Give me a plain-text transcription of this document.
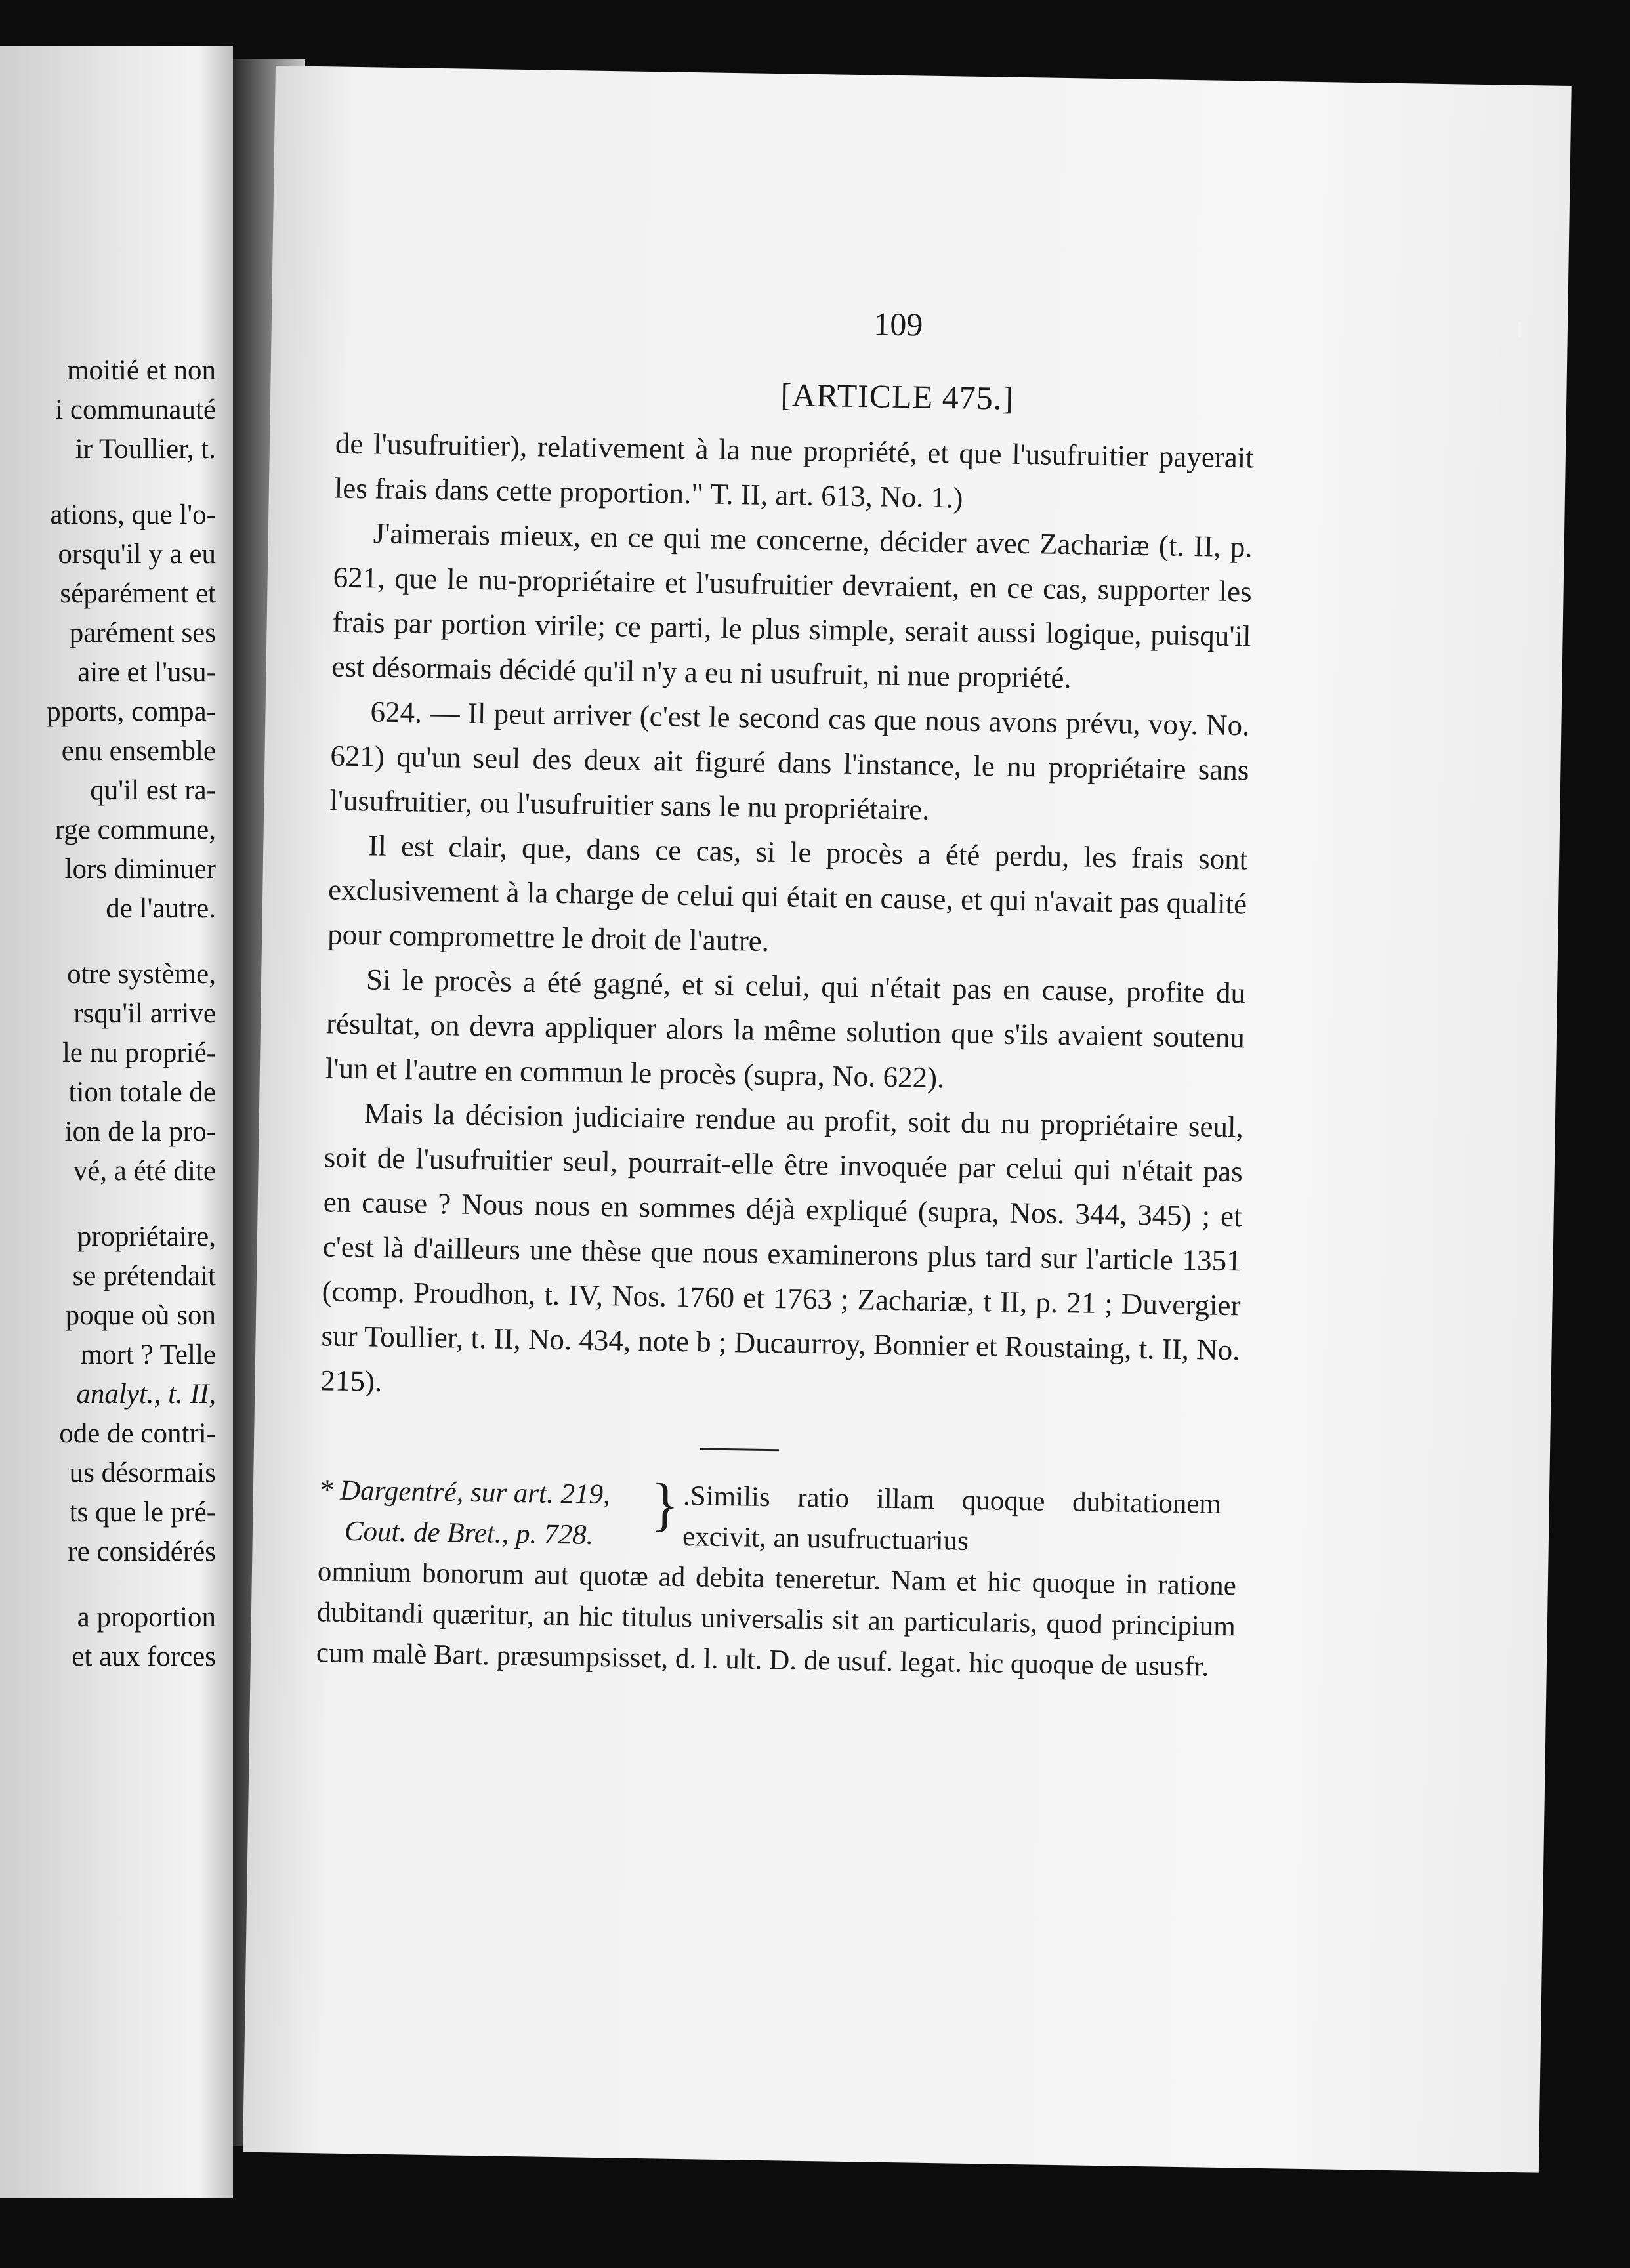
moitié et non
i communauté
ir Toullier, t.
ations, que l'o-
orsqu'il y a eu
séparément et
parément ses
aire et l'usu-
pports, compa-
enu ensemble
qu'il est ra-
rge commune,
lors diminuer
de l'autre.
otre système,
rsqu'il arrive
le nu proprié-
tion totale de
ion de la pro-
vé, a été dite
propriétaire,
se prétendait
poque où son
mort ? Telle
analyt., t. II,
ode de contri-
us désormais
ts que le pré-
re considérés
a proportion
et aux forces
109
[ARTICLE 475.]

de l'usufruitier), relativement à la nue propriété, et que l'usufruitier payerait les frais dans cette proportion." T. II, art. 613, No. 1.)

J'aimerais mieux, en ce qui me concerne, décider avec Zachariæ (t. II, p. 621, que le nu-propriétaire et l'usufruitier devraient, en ce cas, supporter les frais par portion virile; ce parti, le plus simple, serait aussi logique, puisqu'il est désormais décidé qu'il n'y a eu ni usufruit, ni nue propriété.

624. — Il peut arriver (c'est le second cas que nous avons prévu, voy. No. 621) qu'un seul des deux ait figuré dans l'instance, le nu propriétaire sans l'usufruitier, ou l'usufruitier sans le nu propriétaire.

Il est clair, que, dans ce cas, si le procès a été perdu, les frais sont exclusivement à la charge de celui qui était en cause, et qui n'avait pas qualité pour compromettre le droit de l'autre.

Si le procès a été gagné, et si celui, qui n'était pas en cause, profite du résultat, on devra appliquer alors la même solution que s'ils avaient soutenu l'un et l'autre en commun le procès (supra, No. 622).

Mais la décision judiciaire rendue au profit, soit du nu propriétaire seul, soit de l'usufruitier seul, pourrait-elle être invoquée par celui qui n'était pas en cause ? Nous nous en sommes déjà expliqué (supra, Nos. 344, 345) ; et c'est là d'ailleurs une thèse que nous examinerons plus tard sur l'article 1351 (comp. Proudhon, t. IV, Nos. 1760 et 1763 ; Zachariæ, t II, p. 21 ; Duvergier sur Toullier, t. II, No. 434, note b ; Ducaurroy, Bonnier et Roustaing, t. II, No. 215).

* Dargentré, sur art. 219,
Cout. de Bret., p. 728. } .Similis ratio illam quoque dubitationem excivit, an usufructuarius

omnium bonorum aut quotæ ad debita teneretur. Nam et hic quoque in ratione dubitandi quæritur, an hic titulus universalis sit an particularis, quod principium cum malè Bart. præsumpsisset, d. l. ult. D. de usuf. legat. hic quoque de ususfr.
